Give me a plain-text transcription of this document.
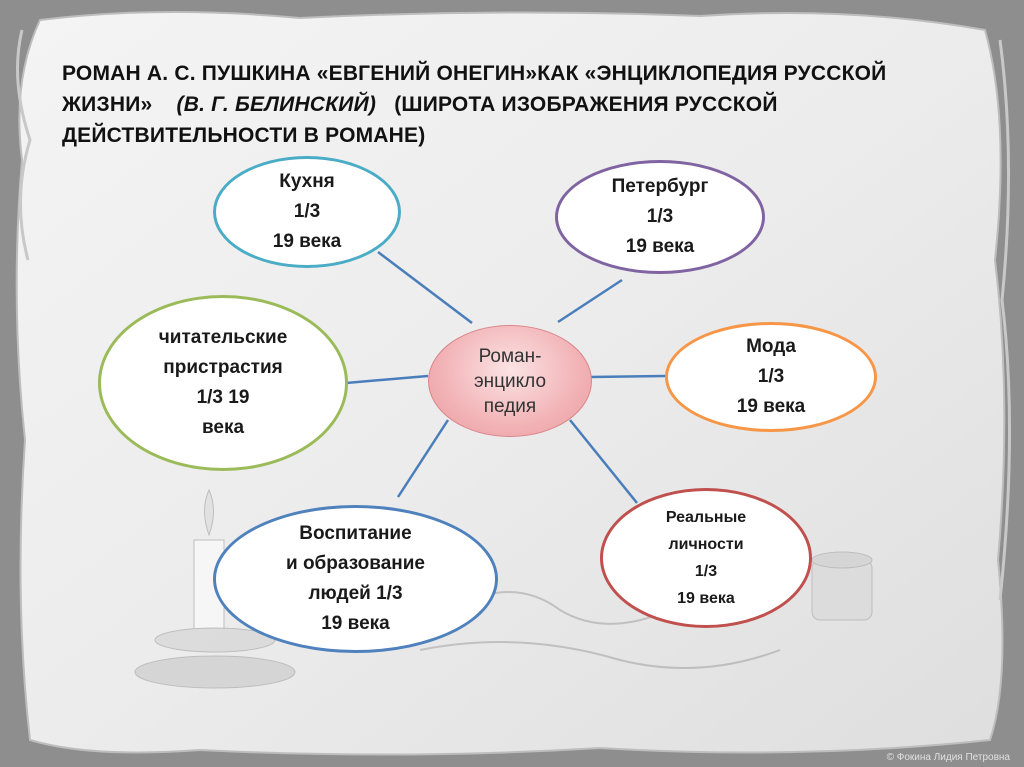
РОМАН А. С. ПУШКИНА «ЕВГЕНИЙ ОНЕГИН»КАК «ЭНЦИКЛОПЕДИЯ РУССКОЙ ЖИЗНИ» (В. Г. БЕЛИНСКИЙ) (ШИРОТА ИЗОБРАЖЕНИЯ РУССКОЙ ДЕЙСТВИТЕЛЬНОСТИ В РОМАНЕ)
Роман-
энцикло
педия
Кухня
1/3
19 века
Петербург
1/3
19 века
читательские
пристрастия
1/3 19
века
Мода
1/3
19 века
Воспитание
и образование
людей 1/3
19 века
Реальные
личности
1/3
19 века
© Фокина Лидия Петровна
